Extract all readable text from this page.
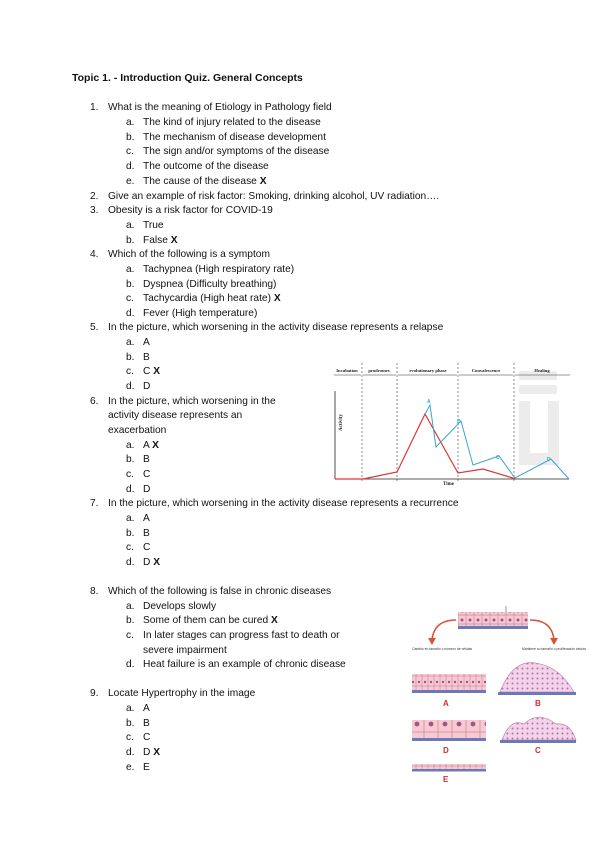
Topic 1. - Introduction Quiz. General Concepts
1. What is the meaning of Etiology in Pathology field
a. The kind of injury related to the disease
b. The mechanism of disease development
c. The sign and/or symptoms of the disease
d. The outcome of the disease
e. The cause of the disease X
2. Give an example of risk factor: Smoking, drinking alcohol, UV radiation….
3. Obesity is a risk factor for COVID-19
a. True
b. False X
4. Which of the following is a symptom
a. Tachypnea (High respiratory rate)
b. Dyspnea (Difficulty breathing)
c. Tachycardia (High heat rate) X
d. Fever (High temperature)
5. In the picture, which worsening in the activity disease represents a relapse
a. A
b. B
c. C X
d. D
6. In the picture, which worsening in the
activity disease represents an
exacerbation
a. A X
b. B
c. C
d. D
7. In the picture, which worsening in the activity disease represents a recurrence
a. A
b. B
c. C
d. D X
8. Which of the following is false in chronic diseases
a. Develops slowly
b. Some of them can be cured X
c. In later stages can progress fast to death or
severe impairment
d. Heat failure is an example of chronic disease
9. Locate Hypertrophy in the image
a. A
b. B
c. C
d. D X
e. E
Incubation prodromes	evolutionary phase	Convalescence	Healing
Activity
Time
A
B
C	D
Cambio en tamaño o número de células	Mantiene su tamaño o proliferación celular
A	B
D	C
E
